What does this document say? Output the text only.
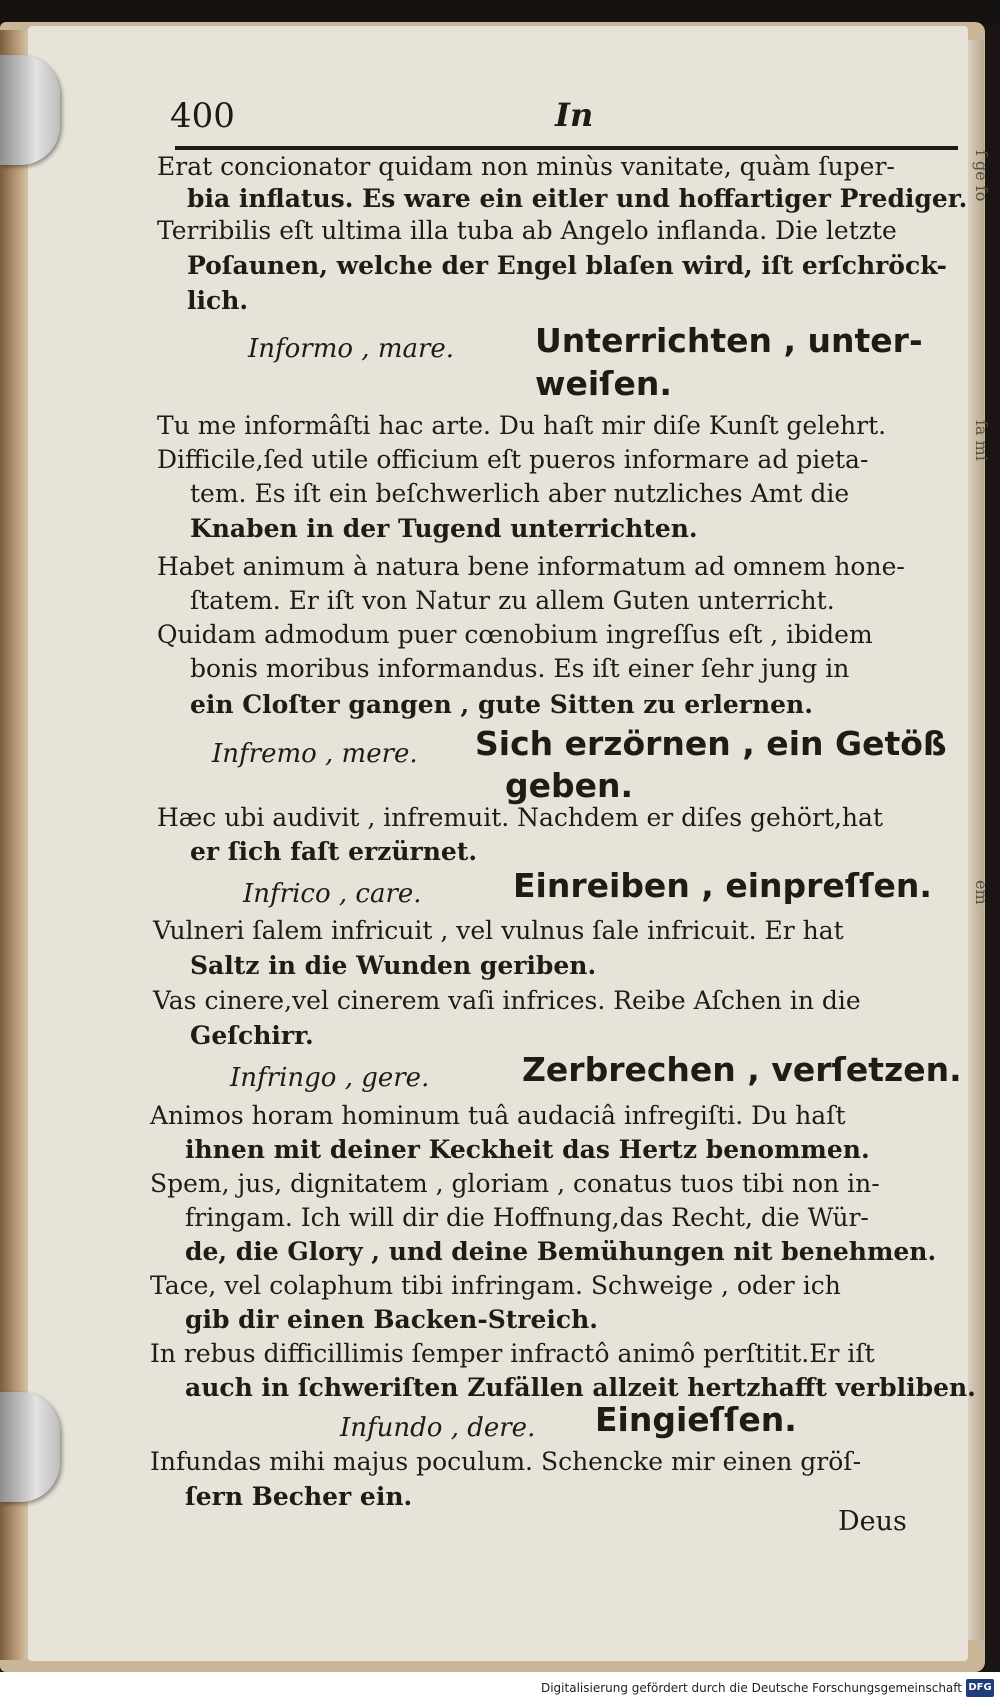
400	In
Erat concionator quidam non minùs vanitate, quàm ſuper-
bia inflatus. Es ware ein eitler und hoffartiger Prediger.
Terribilis eſt ultima illa tuba ab Angelo inflanda. Die letzte
Poſaunen, welche der Engel blaſen wird, iſt erſchröck-
lich.
Informo , mare. Unterrichten , unter-
weiſen.
Tu me informâſti hac arte. Du haſt mir diſe Kunſt gelehrt.
Difficile,ſed utile officium eſt pueros informare ad pieta-
tem. Es iſt ein beſchwerlich aber nutzliches Amt die
Knaben in der Tugend unterrichten.
Habet animum à natura bene informatum ad omnem hone-
ſtatem. Er iſt von Natur zu allem Guten unterricht.
Quidam admodum puer cœnobium ingreſſus eſt , ibidem
bonis moribus informandus. Es iſt einer ſehr jung in
ein Cloſter gangen , gute Sitten zu erlernen.
Infremo , mere. Sich erzörnen , ein Getöß
geben.
Hæc ubi audivit , infremuit. Nachdem er diſes gehört,hat
er ſich faſt erzürnet.
Infrico , care.	Einreiben , einpreſſen.
Vulneri ſalem infricuit , vel vulnus ſale infricuit. Er hat
Saltz in die Wunden geriben.
Vas cinere,vel cinerem vaſi infrices. Reibe Aſchen in die
Geſchirr.
Infringo , gere.	Zerbrechen , verſetzen.
Animos horam hominum tuâ audaciâ infregiſti. Du haſt
ihnen mit deiner Keckheit das Hertz benommen.
Spem, jus, dignitatem , gloriam , conatus tuos tibi non in-
fringam. Ich will dir die Hoffnung,das Recht, die Wür-
de, die Glory , und deine Bemühungen nit benehmen.
Tace, vel colaphum tibi infringam. Schweige , oder ich
gib dir einen Backen-Streich.
In rebus difficillimis ſemper infractô animô perſtitit.Er iſt
auch in ſchweriſten Zufällen allzeit hertzhafft verbliben.
Infundo , dere. Eingieſſen.
Infundas mihi majus poculum. Schencke mir einen gröſ-
ſern Becher ein.
Deus
ſ ge ſo
ſa mi
em
Digitalisierung gefördert durch die Deutsche Forschungsgemeinschaft DFG
